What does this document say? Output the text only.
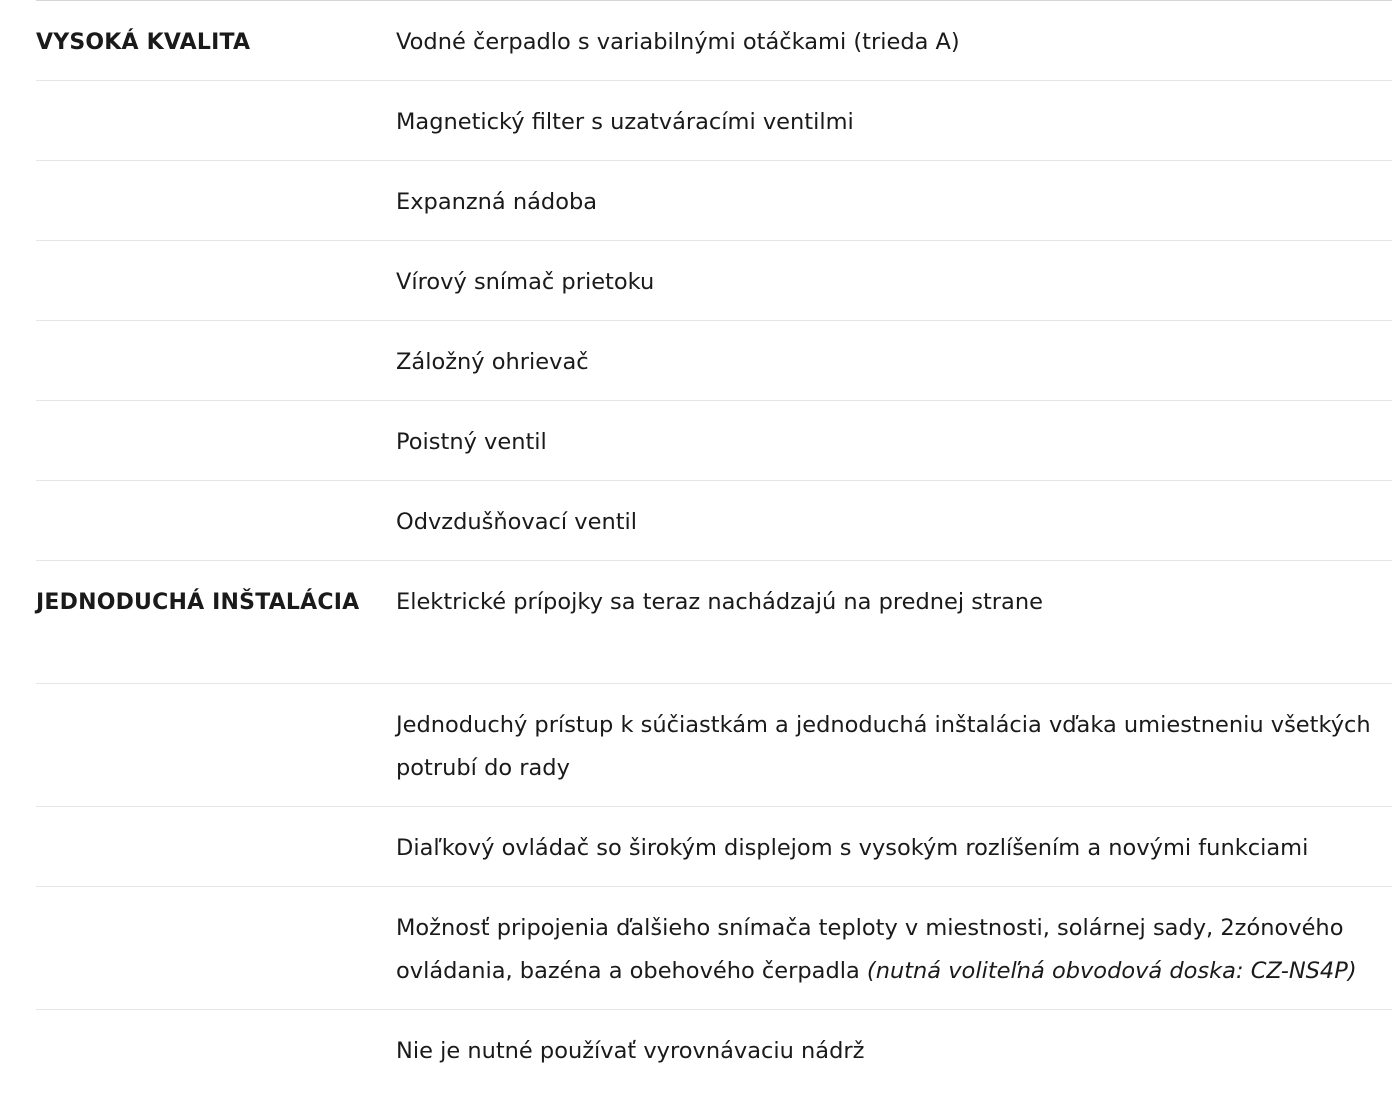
VYSOKÁ KVALITA	Vodné čerpadlo s variabilnými otáčkami (trieda A)
Magnetický filter s uzatváracími ventilmi
Expanzná nádoba
Vírový snímač prietoku
Záložný ohrievač
Poistný ventil
Odvzdušňovací ventil
JEDNODUCHÁ INŠTALÁCIA	Elektrické prípojky sa teraz nachádzajú na prednej strane
Jednoduchý prístup k súčiastkám a jednoduchá inštalácia vďaka umiestneniu všetkých potrubí do rady
Diaľkový ovládač so širokým displejom s vysokým rozlíšením a novými funkciami
Možnosť pripojenia ďalšieho snímača teploty v miestnosti, solárnej sady, 2zónového ovládania, bazéna a obehového čerpadla (nutná voliteľná obvodová doska: CZ-NS4P)
Nie je nutné používať vyrovnávaciu nádrž
